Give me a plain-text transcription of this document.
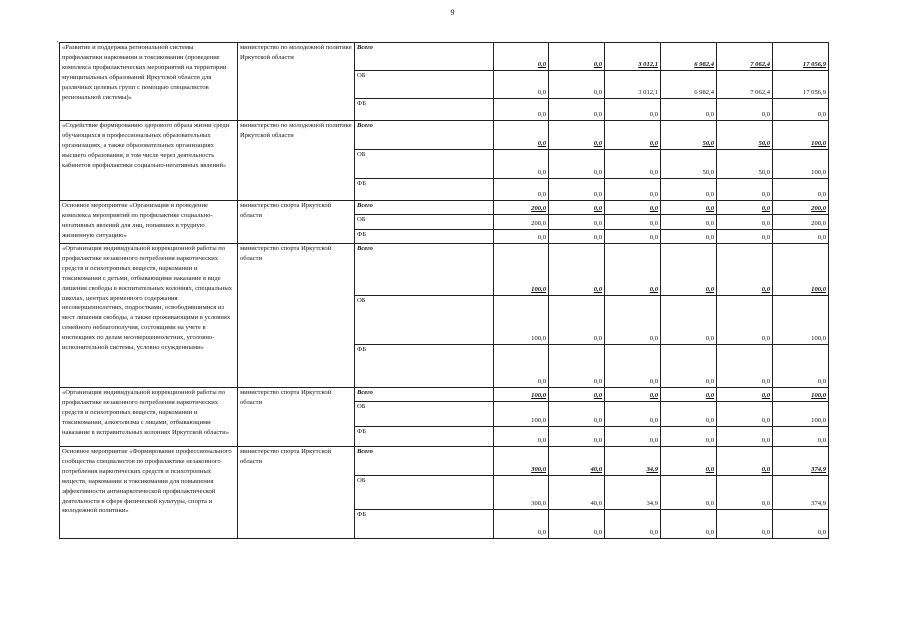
9
' «Развитие и поддержка региональной системы профилактики наркомании и токсикомании (проведение комплекса профилактических мероприятий на территории муниципальных образований Иркутской области для различных целевых групп с помощью специалистов региональной системы)»	министерство по молодежной политике Иркутской области	Всего	0,0	0,0	3 012,1	6 982,4	7 062,4	17 056,9
		ОБ	0,0	0,0	3 012,1	6 982,4	7 062,4	17 056,9
		ФБ	0,0	0,0	0,0	0,0	0,0	0,0
«Содействие формированию здорового образа жизни среди обучающихся в профессиональных образовательных организациях, а также образовательных организациях высшего образования, в том числе через деятельность кабинетов профилактики социально-негативных явлений»	министерство по молодежной политике Иркутской области	Всего	0,0	0,0	0,0	50,0	50,0	100,0
		ОБ	0,0	0,0	0,0	50,0	50,0	100,0
		ФБ	0,0	0,0	0,0	0,0	0,0	0,0
Основное мероприятие «Организация и проведение комплекса мероприятий по профилактике социально-негативных явлений для лиц, попавших в трудную жизненную ситуацию»	министерство спорта Иркутской области	Всего	200,0	0,0	0,0	0,0	0,0	200,0
		ОБ	200,0	0,0	0,0	0,0	0,0	200,0
		ФБ	0,0	0,0	0,0	0,0	0,0	0,0
«Организация индивидуальной коррекционной работы по профилактике незаконного потребления наркотических средств и психотропных веществ, наркомании и токсикомании с детьми, отбывающими наказание в виде лишения свободы в воспитательных колониях, специальных школах, центрах временного содержания несовершеннолетних, подростками, освободившимися из мест лишения свободы, а также проживающими в условиях семейного неблагополучия, состоящими на учете в инспекциях по делам несовершеннолетних, уголовно-исполнительной системы, условно осужденными»	министерство спорта Иркутской области	Всего	100,0	0,0	0,0	0,0	0,0	100,0
		ОБ	100,0	0,0	0,0	0,0	0,0	100,0
		ФБ	0,0	0,0	0,0	0,0	0,0	0,0
«Организация индивидуальной коррекционной работы по профилактике незаконного потребления наркотических средств и психотропных веществ, наркомании и токсикомании, алкоголизма с лицами, отбывающими наказание в исправительных колониях Иркутской области»	министерство спорта Иркутской области	Всего	100,0	0,0	0,0	0,0	0,0	100,0
		ОБ	100,0	0,0	0,0	0,0	0,0	100,0
		ФБ	0,0	0,0	0,0	0,0	0,0	0,0
Основное мероприятие «Формирование профессионального сообщества специалистов по профилактике незаконного потребления наркотических средств и психотропных веществ, наркомании и токсикомании для повышения эффективности антинаркотической профилактической деятельности в сфере физической культуры, спорта и молодежной политики»	министерство спорта Иркутской области	Всего	300,0	40,0	34,9	0,0	0,0	374,9
		ОБ	300,0	40,0	34,9	0,0	0,0	374,9
		ФБ	0,0	0,0	0,0	0,0	0,0	0,0
